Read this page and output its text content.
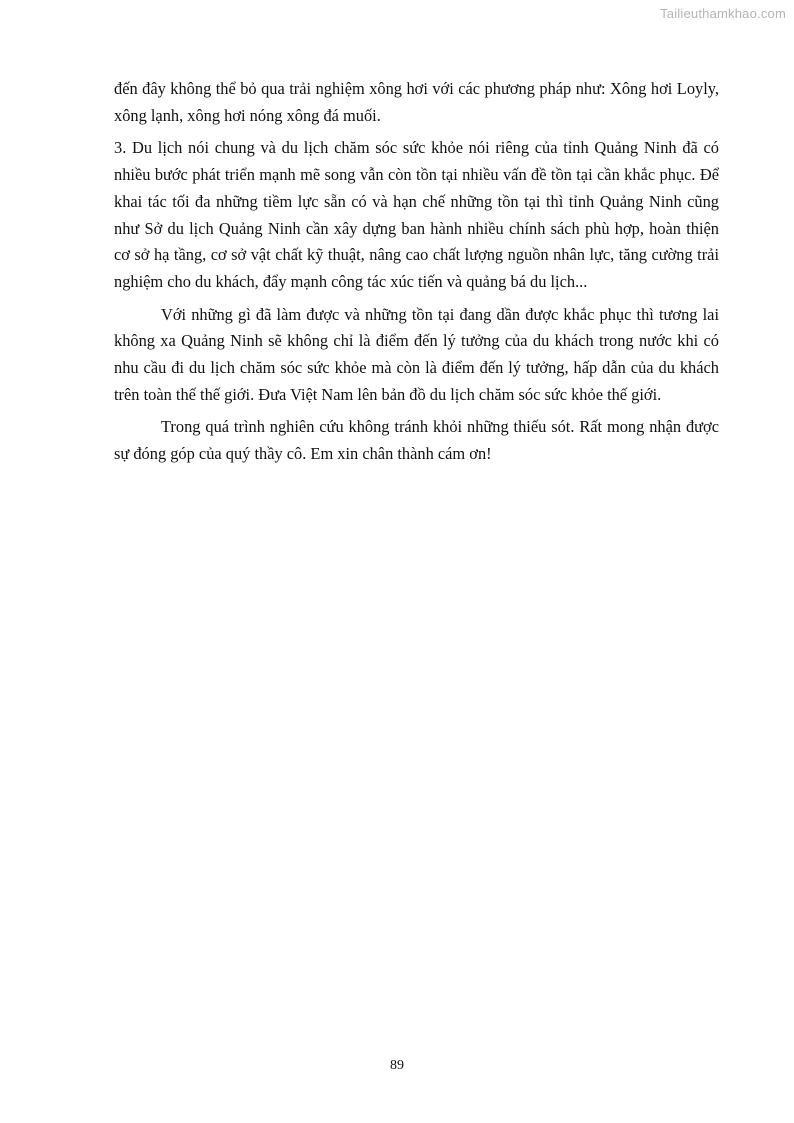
Tailieuthamkhao.com

đến đây không thể bỏ qua trải nghiệm xông hơi với các phương pháp như: Xông hơi Loyly, xông lạnh, xông hơi nóng xông đá muối.

3. Du lịch nói chung và du lịch chăm sóc sức khỏe nói riêng của tỉnh Quảng Ninh đã có nhiều bước phát triển mạnh mẽ song vẫn còn tồn tại nhiều vấn đề tồn tại cần khắc phục. Để khai tác tối đa những tiềm lực sẵn có và hạn chế những tồn tại thì tỉnh Quảng Ninh cũng như Sở du lịch Quảng Ninh cần xây dựng ban hành nhiều chính sách phù hợp, hoàn thiện cơ sở hạ tầng, cơ sở vật chất kỹ thuật, nâng cao chất lượng nguồn nhân lực, tăng cường trải nghiệm cho du khách, đẩy mạnh công tác xúc tiến và quảng bá du lịch...

Với những gì đã làm được và những tồn tại đang dần được khắc phục thì tương lai không xa Quảng Ninh sẽ không chỉ là điểm đến lý tưởng của du khách trong nước khi có nhu cầu đi du lịch chăm sóc sức khỏe mà còn là điểm đến lý tưởng, hấp dẫn của du khách trên toàn thế thế giới. Đưa Việt Nam lên bản đồ du lịch chăm sóc sức khỏe thế giới.

Trong quá trình nghiên cứu không tránh khỏi những thiếu sót. Rất mong nhận được sự đóng góp của quý thầy cô. Em xin chân thành cám ơn!

89
